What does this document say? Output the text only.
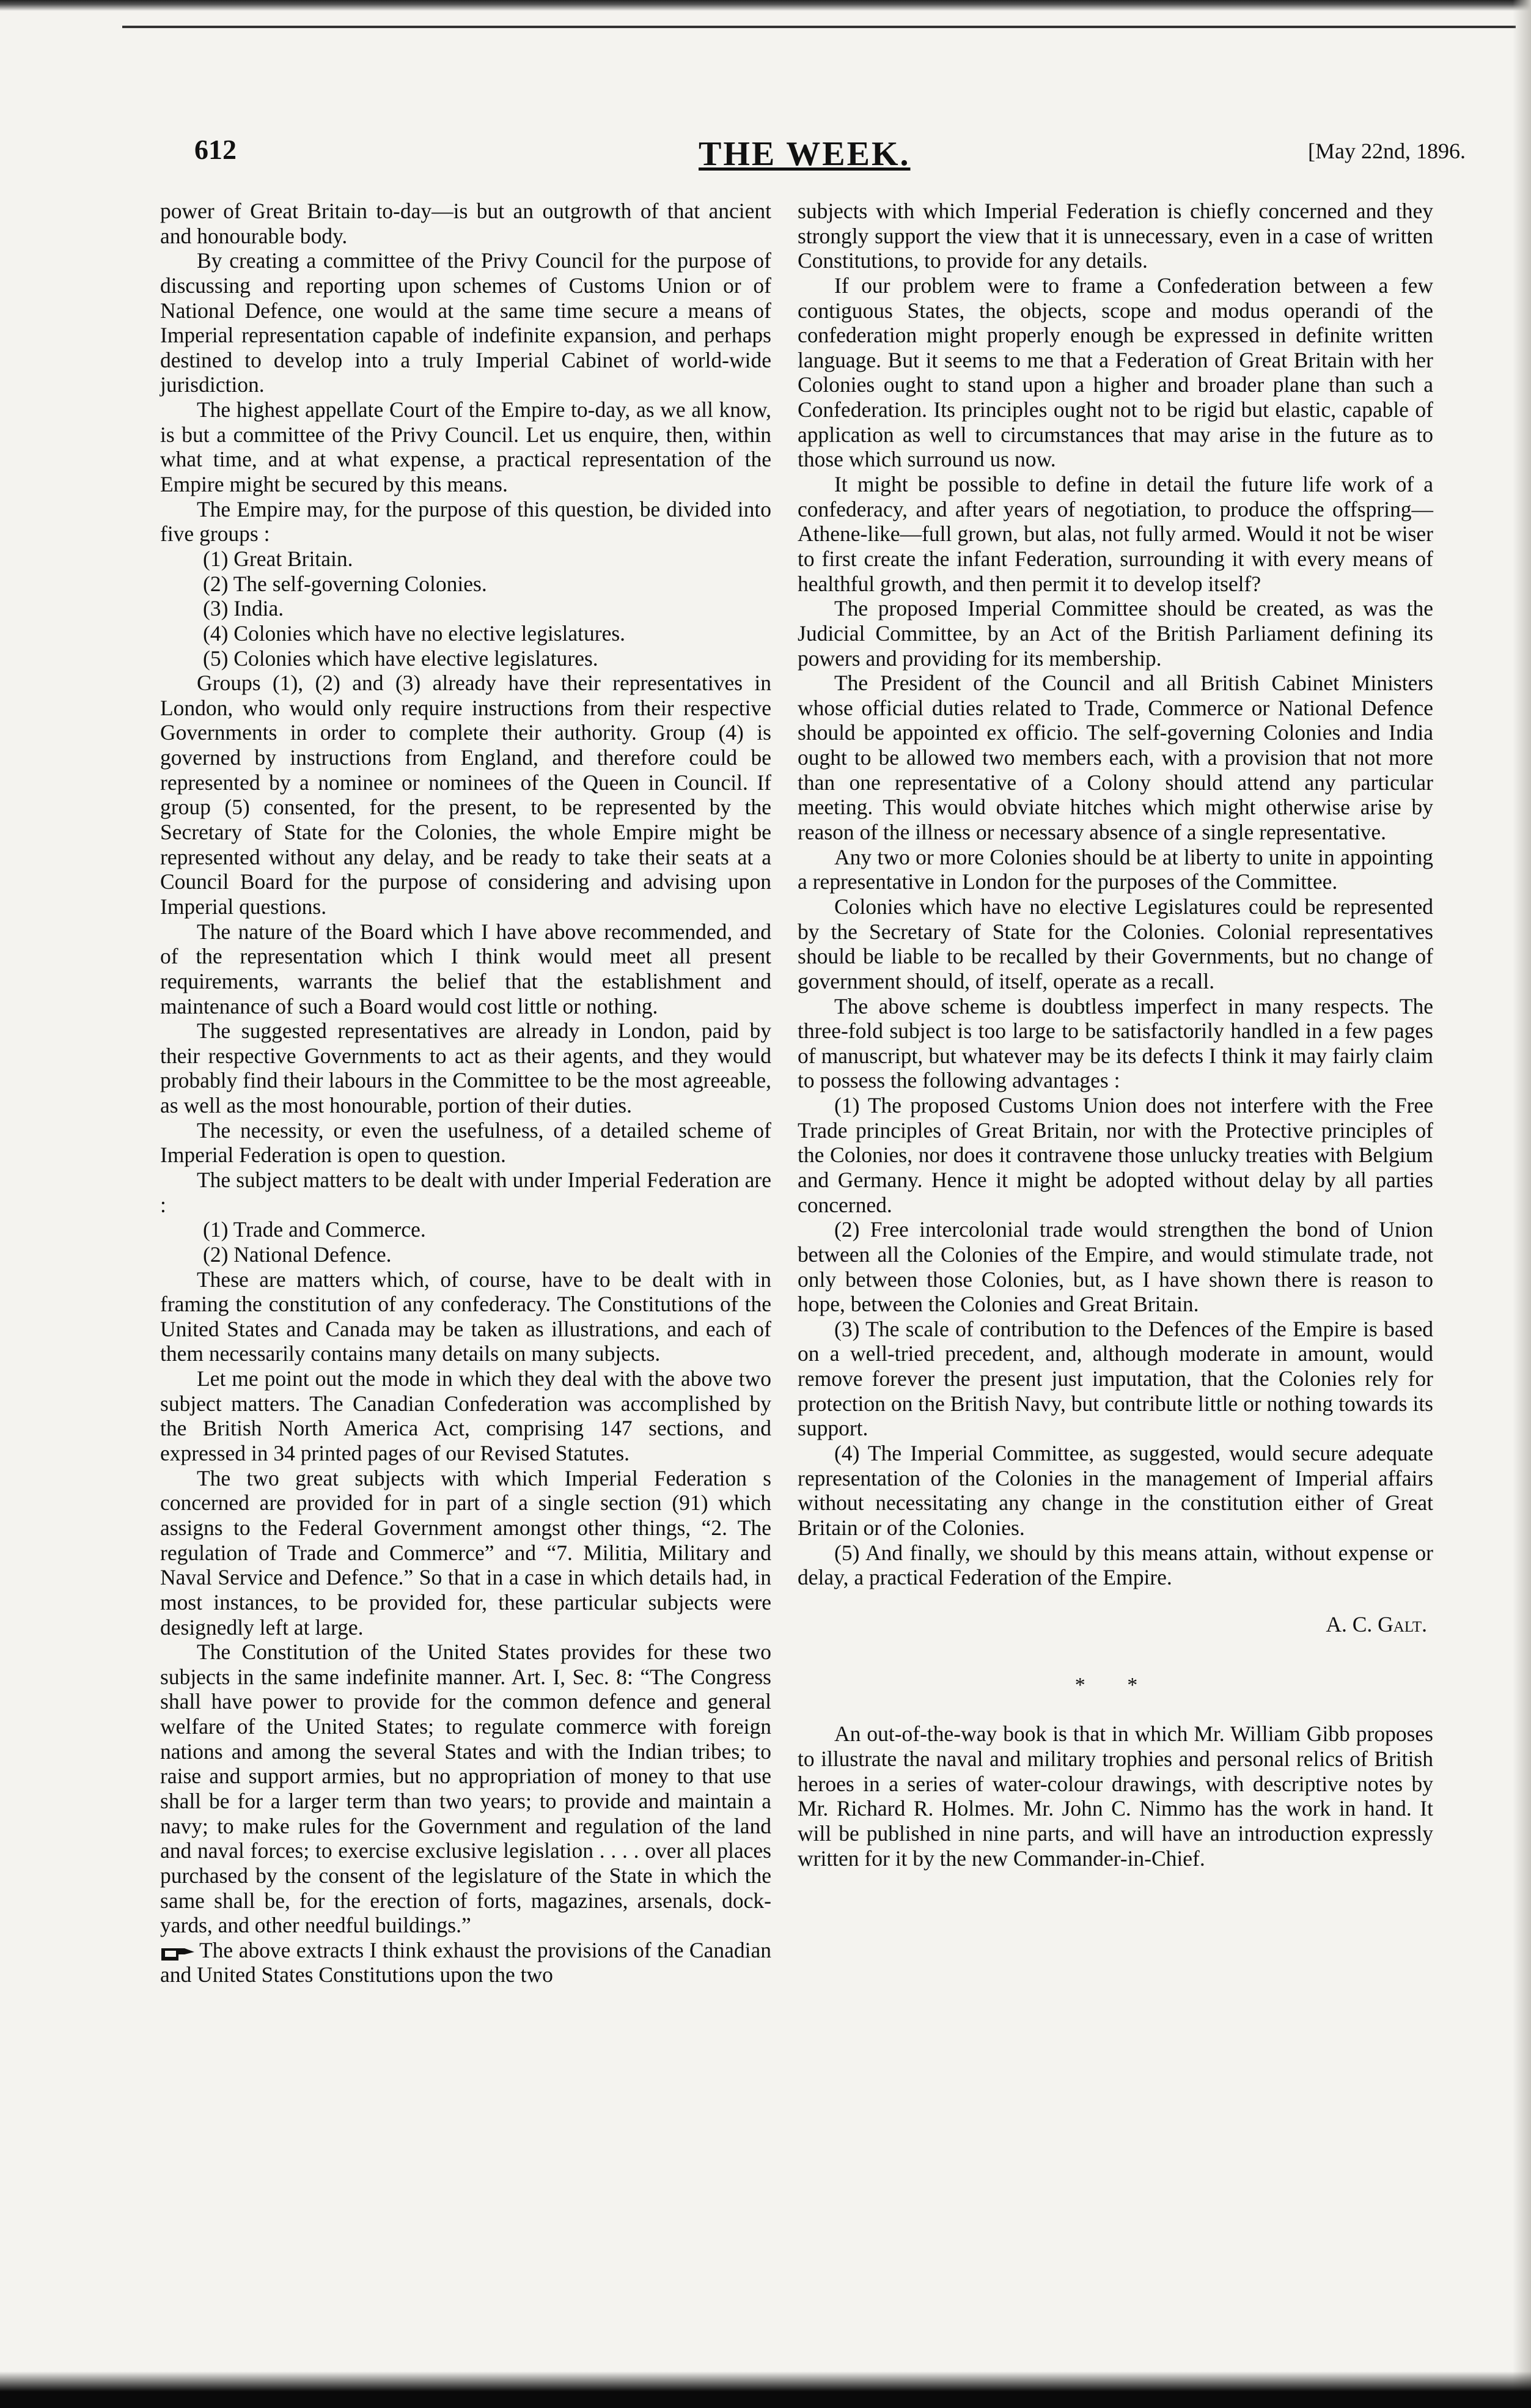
612	THE WEEK.	[May 22nd, 1896.

power of Great Britain to-day—is but an outgrowth of that ancient and honourable body.

By creating a committee of the Privy Council for the purpose of discussing and reporting upon schemes of Customs Union or of National Defence, one would at the same time secure a means of Imperial representation capable of indefinite expansion, and perhaps destined to develop into a truly Imperial Cabinet of world-wide jurisdiction.

The highest appellate Court of the Empire to-day, as we all know, is but a committee of the Privy Council. Let us enquire, then, within what time, and at what expense, a practical representation of the Empire might be secured by this means.

The Empire may, for the purpose of this question, be divided into five groups :

(1) Great Britain.
(2) The self-governing Colonies.
(3) India.
(4) Colonies which have no elective legislatures.
(5) Colonies which have elective legislatures.

Groups (1), (2) and (3) already have their representatives in London, who would only require instructions from their respective Governments in order to complete their authority. Group (4) is governed by instructions from England, and therefore could be represented by a nominee or nominees of the Queen in Council. If group (5) consented, for the present, to be represented by the Secretary of State for the Colonies, the whole Empire might be represented without any delay, and be ready to take their seats at a Council Board for the purpose of considering and advising upon Imperial questions.

The nature of the Board which I have above recommended, and of the representation which I think would meet all present requirements, warrants the belief that the establishment and maintenance of such a Board would cost little or nothing.

The suggested representatives are already in London, paid by their respective Governments to act as their agents, and they would probably find their labours in the Committee to be the most agreeable, as well as the most honourable, portion of their duties.

The necessity, or even the usefulness, of a detailed scheme of Imperial Federation is open to question.

The subject matters to be dealt with under Imperial Federation are :

(1) Trade and Commerce.
(2) National Defence.

These are matters which, of course, have to be dealt with in framing the constitution of any confederacy. The Constitutions of the United States and Canada may be taken as illustrations, and each of them necessarily contains many details on many subjects.

Let me point out the mode in which they deal with the above two subject matters. The Canadian Confederation was accomplished by the British North America Act, comprising 147 sections, and expressed in 34 printed pages of our Revised Statutes.

The two great subjects with which Imperial Federation s concerned are provided for in part of a single section (91) which assigns to the Federal Government amongst other things, “2. The regulation of Trade and Commerce” and “7. Militia, Military and Naval Service and Defence.” So that in a case in which details had, in most instances, to be provided for, these particular subjects were designedly left at large.

The Constitution of the United States provides for these two subjects in the same indefinite manner. Art. I, Sec. 8: “The Congress shall have power to provide for the common defence and general welfare of the United States; to regulate commerce with foreign nations and among the several States and with the Indian tribes; to raise and support armies, but no appropriation of money to that use shall be for a larger term than two years; to provide and maintain a navy; to make rules for the Government and regulation of the land and naval forces; to exercise exclusive legislation . . . . over all places purchased by the consent of the legislature of the State in which the same shall be, for the erection of forts, magazines, arsenals, dock-yards, and other needful buildings.”

The above extracts I think exhaust the provisions of the Canadian and United States Constitutions upon the two

subjects with which Imperial Federation is chiefly concerned and they strongly support the view that it is unnecessary, even in a case of written Constitutions, to provide for any details.

If our problem were to frame a Confederation between a few contiguous States, the objects, scope and modus operandi of the confederation might properly enough be expressed in definite written language. But it seems to me that a Federation of Great Britain with her Colonies ought to stand upon a higher and broader plane than such a Confederation. Its principles ought not to be rigid but elastic, capable of application as well to circumstances that may arise in the future as to those which surround us now.

It might be possible to define in detail the future life work of a confederacy, and after years of negotiation, to produce the offspring—Athene-like—full grown, but alas, not fully armed. Would it not be wiser to first create the infant Federation, surrounding it with every means of healthful growth, and then permit it to develop itself?

The proposed Imperial Committee should be created, as was the Judicial Committee, by an Act of the British Parliament defining its powers and providing for its membership.

The President of the Council and all British Cabinet Ministers whose official duties related to Trade, Commerce or National Defence should be appointed ex officio. The self-governing Colonies and India ought to be allowed two members each, with a provision that not more than one representative of a Colony should attend any particular meeting. This would obviate hitches which might otherwise arise by reason of the illness or necessary absence of a single representative.

Any two or more Colonies should be at liberty to unite in appointing a representative in London for the purposes of the Committee.

Colonies which have no elective Legislatures could be represented by the Secretary of State for the Colonies. Colonial representatives should be liable to be recalled by their Governments, but no change of government should, of itself, operate as a recall.

The above scheme is doubtless imperfect in many respects. The three-fold subject is too large to be satisfactorily handled in a few pages of manuscript, but whatever may be its defects I think it may fairly claim to possess the following advantages :

(1) The proposed Customs Union does not interfere with the Free Trade principles of Great Britain, nor with the Protective principles of the Colonies, nor does it contravene those unlucky treaties with Belgium and Germany. Hence it might be adopted without delay by all parties concerned.

(2) Free intercolonial trade would strengthen the bond of Union between all the Colonies of the Empire, and would stimulate trade, not only between those Colonies, but, as I have shown there is reason to hope, between the Colonies and Great Britain.

(3) The scale of contribution to the Defences of the Empire is based on a well-tried precedent, and, although moderate in amount, would remove forever the present just imputation, that the Colonies rely for protection on the British Navy, but contribute little or nothing towards its support.

(4) The Imperial Committee, as suggested, would secure adequate representation of the Colonies in the management of Imperial affairs without necessitating any change in the constitution either of Great Britain or of the Colonies.

(5) And finally, we should by this means attain, without expense or delay, a practical Federation of the Empire.

A. C. Galt.
* *

An out-of-the-way book is that in which Mr. William Gibb proposes to illustrate the naval and military trophies and personal relics of British heroes in a series of water-colour drawings, with descriptive notes by Mr. Richard R. Holmes. Mr. John C. Nimmo has the work in hand. It will be published in nine parts, and will have an introduction expressly written for it by the new Commander-in-Chief.
